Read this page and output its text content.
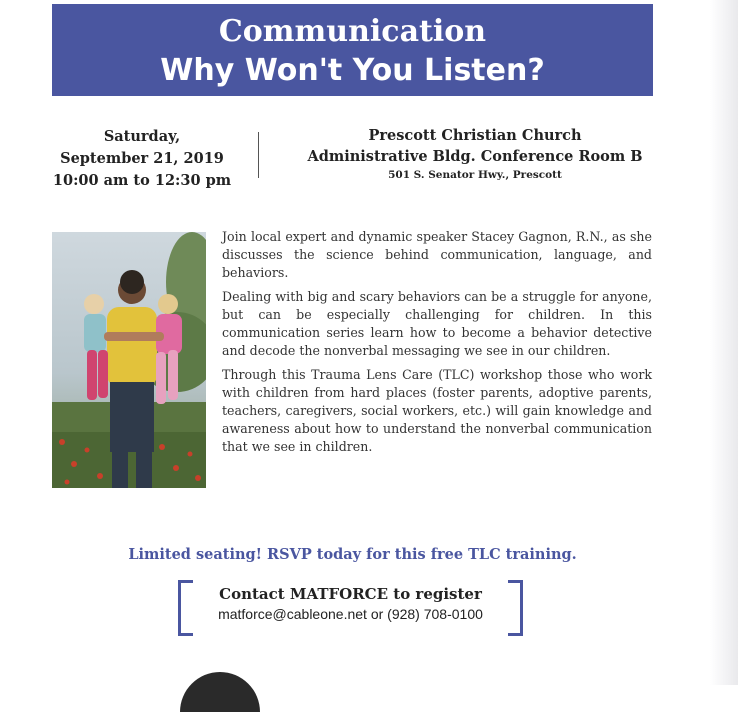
Communication
Why Won't You Listen?
Saturday,
September 21, 2019
10:00 am to 12:30 pm
Prescott Christian Church
Administrative Bldg. Conference Room B
501 S. Senator Hwy., Prescott

Join local expert and dynamic speaker Stacey Gagnon, R.N., as she discusses the science behind communication, language, and behaviors.

Dealing with big and scary behaviors can be a struggle for anyone, but can be especially challenging for children. In this communication series learn how to become a behavior detective and decode the nonverbal messaging we see in our children.

Through this Trauma Lens Care (TLC) workshop those who work with children from hard places (foster parents, adoptive parents, teachers, caregivers, social workers, etc.) will gain knowledge and awareness about how to understand the nonverbal communication that we see in children.

Limited seating! RSVP today for this free TLC training.
Contact MATFORCE to register
matforce@cableone.net or (928) 708-0100
